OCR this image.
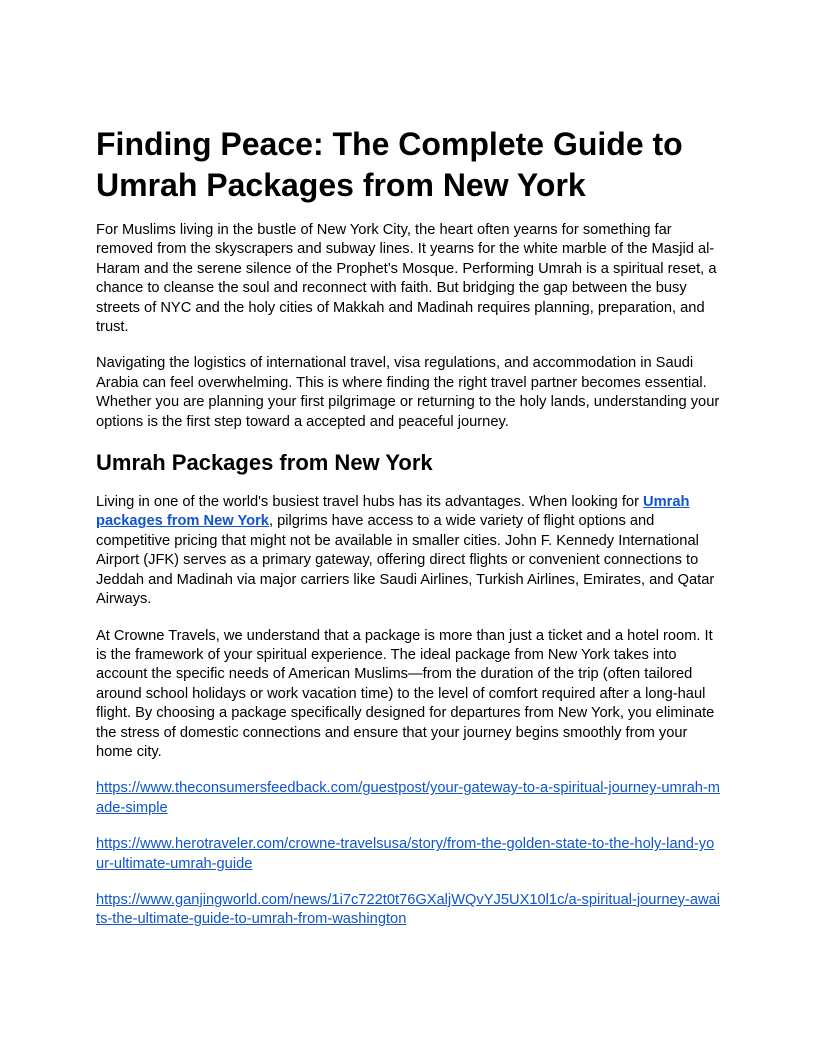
Finding Peace: The Complete Guide to Umrah Packages from New York

For Muslims living in the bustle of New York City, the heart often yearns for something far removed from the skyscrapers and subway lines. It yearns for the white marble of the Masjid al-Haram and the serene silence of the Prophet’s Mosque. Performing Umrah is a spiritual reset, a chance to cleanse the soul and reconnect with faith. But bridging the gap between the busy streets of NYC and the holy cities of Makkah and Madinah requires planning, preparation, and trust.

Navigating the logistics of international travel, visa regulations, and accommodation in Saudi Arabia can feel overwhelming. This is where finding the right travel partner becomes essential. Whether you are planning your first pilgrimage or returning to the holy lands, understanding your options is the first step toward a accepted and peaceful journey.

Umrah Packages from New York

Living in one of the world's busiest travel hubs has its advantages. When looking for Umrah packages from New York, pilgrims have access to a wide variety of flight options and competitive pricing that might not be available in smaller cities. John F. Kennedy International Airport (JFK) serves as a primary gateway, offering direct flights or convenient connections to Jeddah and Madinah via major carriers like Saudi Airlines, Turkish Airlines, Emirates, and Qatar Airways.

At Crowne Travels, we understand that a package is more than just a ticket and a hotel room. It is the framework of your spiritual experience. The ideal package from New York takes into account the specific needs of American Muslims—from the duration of the trip (often tailored around school holidays or work vacation time) to the level of comfort required after a long-haul flight. By choosing a package specifically designed for departures from New York, you eliminate the stress of domestic connections and ensure that your journey begins smoothly from your home city.

https://www.theconsumersfeedback.com/guestpost/your-gateway-to-a-spiritual-journey-umrah-made-simple

https://www.herotraveler.com/crowne-travelsusa/story/from-the-golden-state-to-the-holy-land-your-ultimate-umrah-guide

https://www.ganjingworld.com/news/1i7c722t0t76GXaljWQvYJ5UX10l1c/a-spiritual-journey-awaits-the-ultimate-guide-to-umrah-from-washington
